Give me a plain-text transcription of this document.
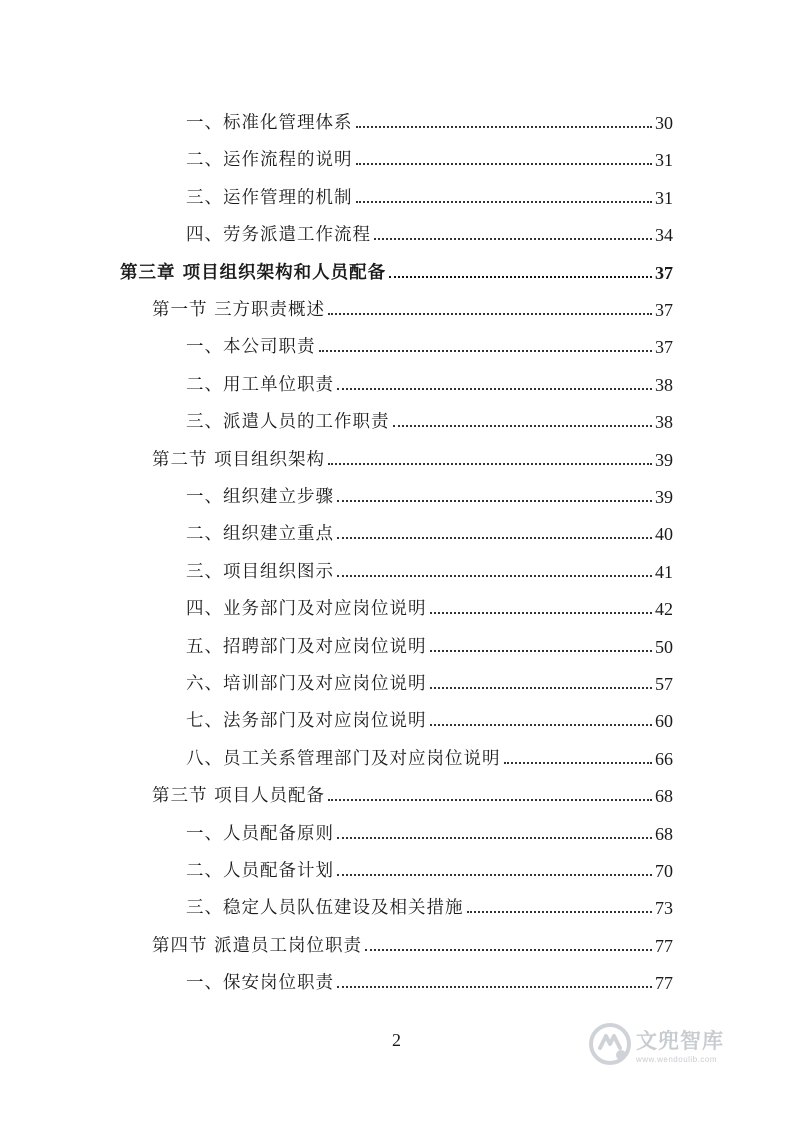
一、标准化管理体系	30
二、运作流程的说明	31
三、运作管理的机制	31
四、劳务派遣工作流程	34
第三章 项目组织架构和人员配备	37
第一节 三方职责概述	37
一、本公司职责	37
二、用工单位职责	38
三、派遣人员的工作职责	38
第二节 项目组织架构	39
一、组织建立步骤	39
二、组织建立重点	40
三、项目组织图示	41
四、业务部门及对应岗位说明	42
五、招聘部门及对应岗位说明	50
六、培训部门及对应岗位说明	57
七、法务部门及对应岗位说明	60
八、员工关系管理部门及对应岗位说明	66
第三节 项目人员配备	68
一、人员配备原则	68
二、人员配备计划	70
三、稳定人员队伍建设及相关措施	73
第四节 派遣员工岗位职责	77
一、保安岗位职责	77
2	文兜智库
www.wendoulib.com
